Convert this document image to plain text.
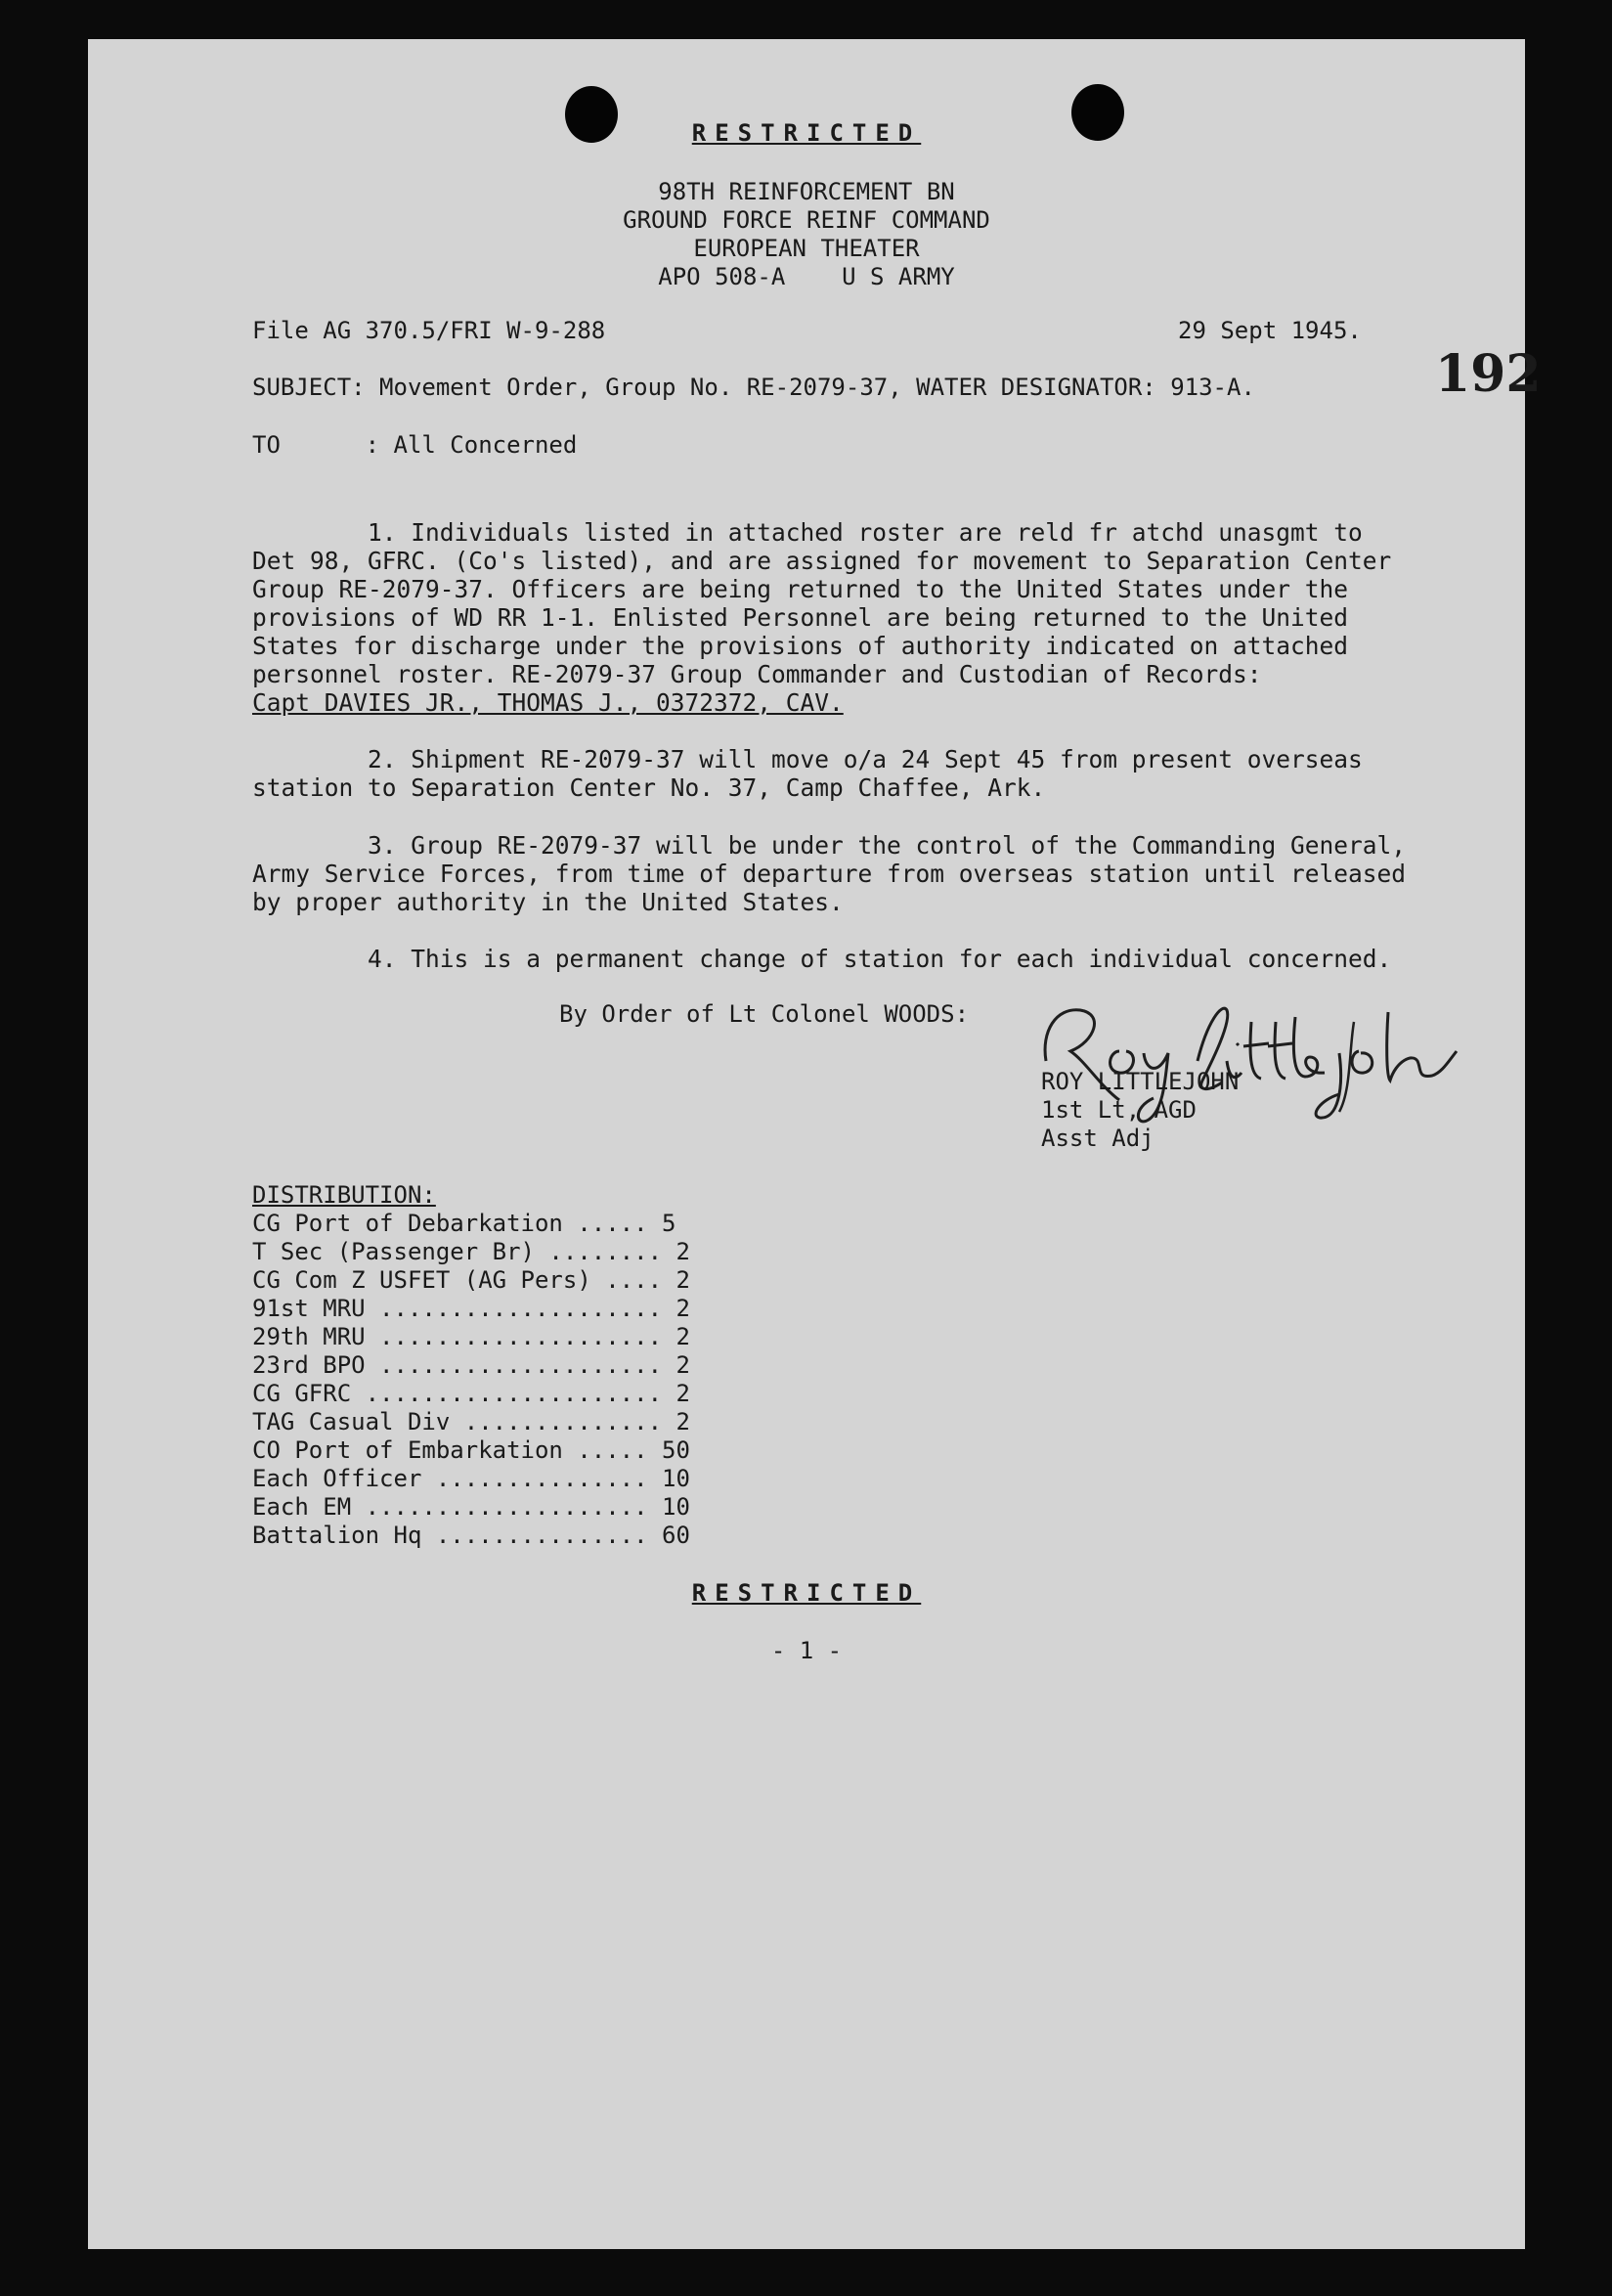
RESTRICTED
98TH REINFORCEMENT BN
GROUND FORCE REINF COMMAND
EUROPEAN THEATER
APO 508-A    U S ARMY
File AG 370.5/FRI W-9-288	29 Sept 1945.
SUBJECT: Movement Order, Group No. RE-2079-37, WATER DESIGNATOR: 913-A.	192
TO      : All Concerned
1. Individuals listed in attached roster are reld fr atchd unasgmt to
Det 98, GFRC. (Co's listed), and are assigned for movement to Separation Center
Group RE-2079-37. Officers are being returned to the United States under the
provisions of WD RR 1-1. Enlisted Personnel are being returned to the United
States for discharge under the provisions of authority indicated on attached
personnel roster. RE-2079-37 Group Commander and Custodian of Records:
Capt DAVIES JR., THOMAS J., 0372372, CAV.
2. Shipment RE-2079-37 will move o/a 24 Sept 45 from present overseas
station to Separation Center No. 37, Camp Chaffee, Ark.
3. Group RE-2079-37 will be under the control of the Commanding General,
Army Service Forces, from time of departure from overseas station until released
by proper authority in the United States.
4. This is a permanent change of station for each individual concerned.
By Order of Lt Colonel WOODS:
ROY LITTLEJOHN
1st Lt, AGD
Asst Adj
DISTRIBUTION:
CG Port of Debarkation ..... 5
T Sec (Passenger Br) ........ 2
CG Com Z USFET (AG Pers) .... 2
91st MRU .................... 2
29th MRU .................... 2
23rd BPO .................... 2
CG GFRC ..................... 2
TAG Casual Div .............. 2
CO Port of Embarkation ..... 50
Each Officer ............... 10
Each EM .................... 10
Battalion Hq ............... 60
RESTRICTED
- 1 -
